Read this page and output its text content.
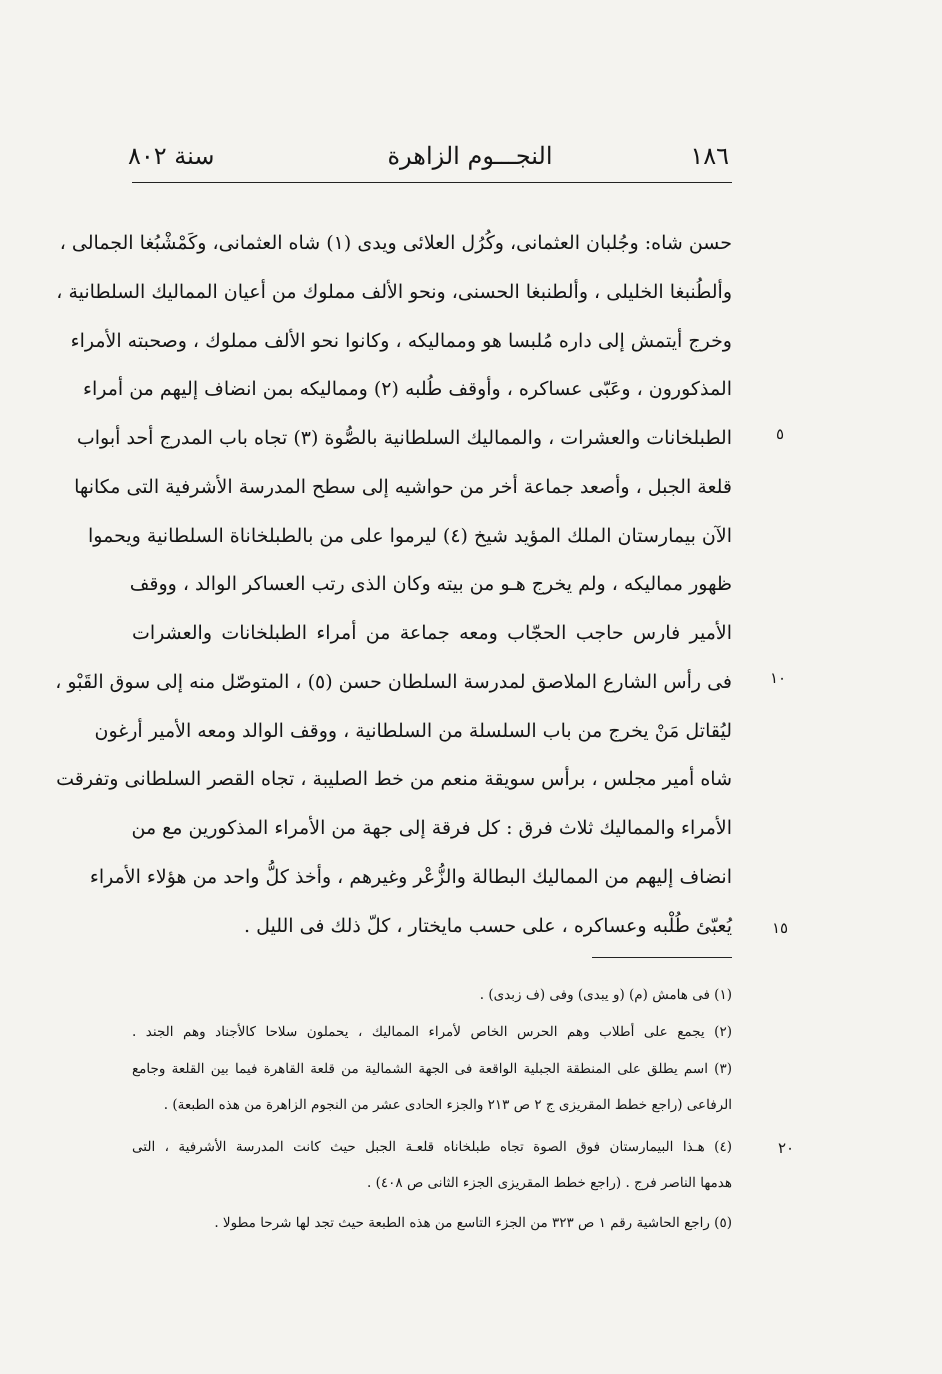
١٨٦
النجـــوم الزاهرة
سنة ٨٠٢
حسن شاه: وجُلبان العثمانى، وكُرُل العلائى ويدى (١) شاه العثمانى، وكَمْشْبُغا الجمالى ،
وألطُنبغا الخليلى ، وألطنبغا الحسنى، ونحو الألف مملوك من أعيان المماليك السلطانية ،
وخرج أيتمش إلى داره مُلبسا هو ومماليكه ، وكانوا نحو الألف مملوك ، وصحبته الأمراء
المذكورون ، وعَبّى عساكره ، وأوقف طُلبه (٢) ومماليكه بمن انضاف إليهم من أمراء
الطبلخانات والعشرات ، والمماليك السلطانية بالصُّوة (٣) تجاه باب المدرج أحد أبواب
قلعة الجبل ، وأصعد جماعة أخر من حواشيه إلى سطح المدرسة الأشرفية التى مكانها
الآن بيمارستان الملك المؤيد شيخ (٤) ليرموا على من بالطبلخاناة السلطانية ويحموا
ظهور مماليكه ، ولم يخرج هـو من بيته وكان الذى رتب العساكر الوالد ، ووقف
الأمير فارس حاجب الحجّاب ومعه جماعة من أمراء الطبلخانات والعشرات
فى رأس الشارع الملاصق لمدرسة السلطان حسن (٥) ، المتوصّل منه إلى سوق القَبْو ،
ليُقاتل مَنْ يخرج من باب السلسلة من السلطانية ، ووقف الوالد ومعه الأمير أرغون
شاه أمير مجلس ، برأس سويقة منعم من خط الصليبة ، تجاه القصر السلطانى وتفرقت
الأمراء والمماليك ثلاث فرق : كل فرقة إلى جهة من الأمراء المذكورين مع من
انضاف إليهم من المماليك البطالة والزُّعْر وغيرهم ، وأخذ كلُّ واحد من هؤلاء الأمراء
يُعبّئ طُلْبه وعساكره ، على حسب مايختار ، كلّ ذلك فى الليل .
٥
١٠
١٥
٢٠
(١) فى هامش (م) (و يبدى) وفى (ف زبدى) .
(٢) يجمع على أطلاب وهم الحرس الخاص لأمراء المماليك ، يحملون سلاحا كالأجناد وهم الجند .
(٣) اسم يطلق على المنطقة الجبلية الواقعة فى الجهة الشمالية من قلعة القاهرة فيما بين القلعة وجامع
الرفاعى (راجع خطط المقريزى ج ٢ ص ٢١٣ والجزء الحادى عشر من النجوم الزاهرة من هذه الطبعة) .
(٤) هـذا البيمارستان فوق الصوة تجاه طبلخاناه قلعـة الجبل حيث كانت المدرسة الأشرفية ، التى
هدمها الناصر فرج . (راجع خطط المقريزى الجزء الثانى ص ٤٠٨) .
(٥) راجع الحاشية رقم ١ ص ٣٢٣ من الجزء التاسع من هذه الطبعة حيث تجد لها شرحا مطولا .
